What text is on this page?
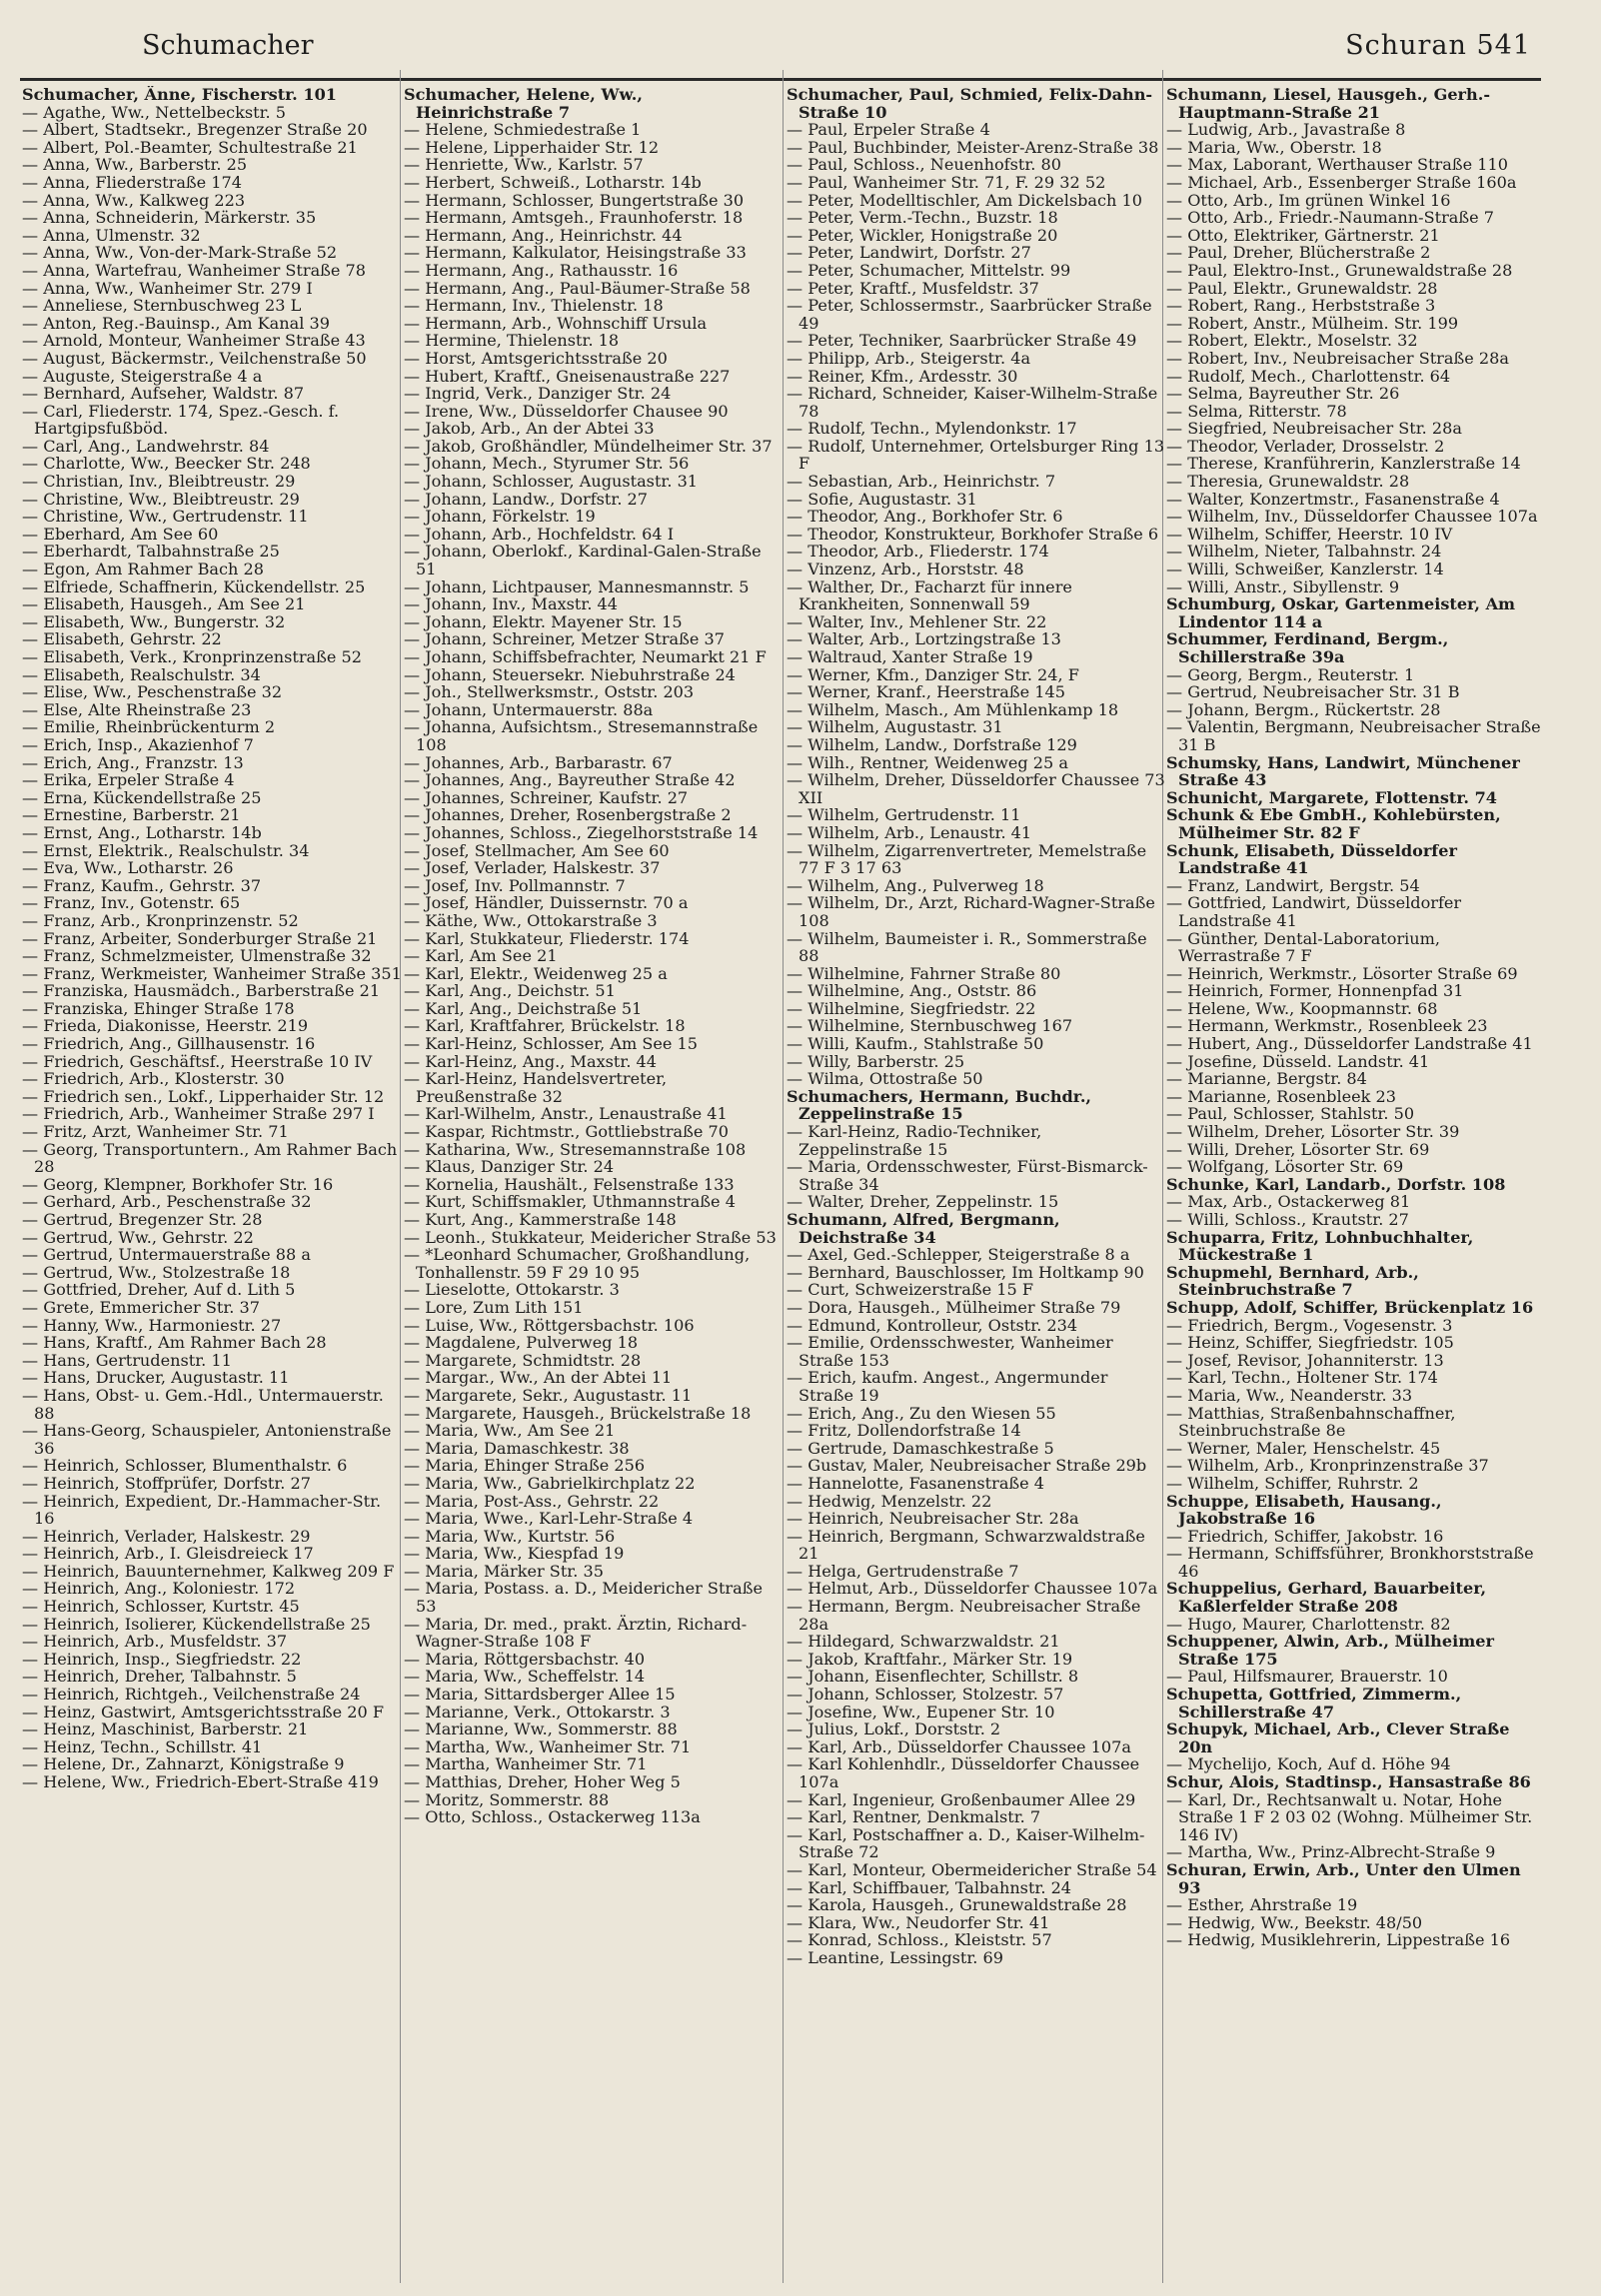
Schumacher	Schuran 541

Schumacher, Änne, Fischerstr. 101

— Agathe, Ww., Nettelbeckstr. 5

— Albert, Stadtsekr., Bregenzer Straße 20

— Albert, Pol.-Beamter, Schultestraße 21

— Anna, Ww., Barberstr. 25

— Anna, Fliederstraße 174

— Anna, Ww., Kalkweg 223

— Anna, Schneiderin, Märkerstr. 35

— Anna, Ulmenstr. 32

— Anna, Ww., Von-der-Mark-Straße 52

— Anna, Wartefrau, Wanheimer Straße 78

— Anna, Ww., Wanheimer Str. 279 I

— Anneliese, Sternbuschweg 23 L

— Anton, Reg.-Bauinsp., Am Kanal 39

— Arnold, Monteur, Wanheimer Straße 43

— August, Bäckermstr., Veilchenstraße 50

— Auguste, Steigerstraße 4 a

— Bernhard, Aufseher, Waldstr. 87

— Carl, Fliederstr. 174, Spez.-Gesch. f. Hartgipsfußböd.

— Carl, Ang., Landwehrstr. 84

— Charlotte, Ww., Beecker Str. 248

— Christian, Inv., Bleibtreustr. 29

— Christine, Ww., Bleibtreustr. 29

— Christine, Ww., Gertrudenstr. 11

— Eberhard, Am See 60

— Eberhardt, Talbahnstraße 25

— Egon, Am Rahmer Bach 28

— Elfriede, Schaffnerin, Kückendellstr. 25

— Elisabeth, Hausgeh., Am See 21

— Elisabeth, Ww., Bungerstr. 32

— Elisabeth, Gehrstr. 22

— Elisabeth, Verk., Kronprinzenstraße 52

— Elisabeth, Realschulstr. 34

— Elise, Ww., Peschenstraße 32

— Else, Alte Rheinstraße 23

— Emilie, Rheinbrückenturm 2

— Erich, Insp., Akazienhof 7

— Erich, Ang., Franzstr. 13

— Erika, Erpeler Straße 4

— Erna, Kückendellstraße 25

— Ernestine, Barberstr. 21

— Ernst, Ang., Lotharstr. 14b

— Ernst, Elektrik., Realschulstr. 34

— Eva, Ww., Lotharstr. 26

— Franz, Kaufm., Gehrstr. 37

— Franz, Inv., Gotenstr. 65

— Franz, Arb., Kronprinzenstr. 52

— Franz, Arbeiter, Sonderburger Straße 21

— Franz, Schmelzmeister, Ulmenstraße 32

— Franz, Werkmeister, Wanheimer Straße 351

— Franziska, Hausmädch., Barberstraße 21

— Franziska, Ehinger Straße 178

— Frieda, Diakonisse, Heerstr. 219

— Friedrich, Ang., Gillhausenstr. 16

— Friedrich, Geschäftsf., Heerstraße 10 IV

— Friedrich, Arb., Klosterstr. 30

— Friedrich sen., Lokf., Lipperhaider Str. 12

— Friedrich, Arb., Wanheimer Straße 297 I

— Fritz, Arzt, Wanheimer Str. 71

— Georg, Transportuntern., Am Rahmer Bach 28

— Georg, Klempner, Borkhofer Str. 16

— Gerhard, Arb., Peschenstraße 32

— Gertrud, Bregenzer Str. 28

— Gertrud, Ww., Gehrstr. 22

— Gertrud, Untermauerstraße 88 a

— Gertrud, Ww., Stolzestraße 18

— Gottfried, Dreher, Auf d. Lith 5

— Grete, Emmericher Str. 37

— Hanny, Ww., Harmoniestr. 27

— Hans, Kraftf., Am Rahmer Bach 28

— Hans, Gertrudenstr. 11

— Hans, Drucker, Augustastr. 11

— Hans, Obst- u. Gem.-Hdl., Untermauerstr. 88

— Hans-Georg, Schauspieler, Antonienstraße 36

— Heinrich, Schlosser, Blumenthalstr. 6

— Heinrich, Stoffprüfer, Dorfstr. 27

— Heinrich, Expedient, Dr.-Hammacher-Str. 16

— Heinrich, Verlader, Halskestr. 29

— Heinrich, Arb., I. Gleisdreieck 17

— Heinrich, Bauunternehmer, Kalkweg 209 F

— Heinrich, Ang., Koloniestr. 172

— Heinrich, Schlosser, Kurtstr. 45

— Heinrich, Isolierer, Kückendellstraße 25

— Heinrich, Arb., Musfeldstr. 37

— Heinrich, Insp., Siegfriedstr. 22

— Heinrich, Dreher, Talbahnstr. 5

— Heinrich, Richtgeh., Veilchenstraße 24

— Heinz, Gastwirt, Amtsgerichtsstraße 20 F

— Heinz, Maschinist, Barberstr. 21

— Heinz, Techn., Schillstr. 41

— Helene, Dr., Zahnarzt, Königstraße 9

— Helene, Ww., Friedrich-Ebert-Straße 419

Schumacher, Helene, Ww., Heinrichstraße 7

— Helene, Schmiedestraße 1

— Helene, Lipperhaider Str. 12

— Henriette, Ww., Karlstr. 57

— Herbert, Schweiß., Lotharstr. 14b

— Hermann, Schlosser, Bungertstraße 30

— Hermann, Amtsgeh., Fraunhoferstr. 18

— Hermann, Ang., Heinrichstr. 44

— Hermann, Kalkulator, Heisingstraße 33

— Hermann, Ang., Rathausstr. 16

— Hermann, Ang., Paul-Bäumer-Straße 58

— Hermann, Inv., Thielenstr. 18

— Hermann, Arb., Wohnschiff Ursula

— Hermine, Thielenstr. 18

— Horst, Amtsgerichtsstraße 20

— Hubert, Kraftf., Gneisenaustraße 227

— Ingrid, Verk., Danziger Str. 24

— Irene, Ww., Düsseldorfer Chausee 90

— Jakob, Arb., An der Abtei 33

— Jakob, Großhändler, Mündelheimer Str. 37

— Johann, Mech., Styrumer Str. 56

— Johann, Schlosser, Augustastr. 31

— Johann, Landw., Dorfstr. 27

— Johann, Förkelstr. 19

— Johann, Arb., Hochfeldstr. 64 I

— Johann, Oberlokf., Kardinal-Galen-Straße 51

— Johann, Lichtpauser, Mannesmannstr. 5

— Johann, Inv., Maxstr. 44

— Johann, Elektr. Mayener Str. 15

— Johann, Schreiner, Metzer Straße 37

— Johann, Schiffsbefrachter, Neumarkt 21 F

— Johann, Steuersekr. Niebuhrstraße 24

— Joh., Stellwerksmstr., Oststr. 203

— Johann, Untermauerstr. 88a

— Johanna, Aufsichtsm., Stresemannstraße 108

— Johannes, Arb., Barbarastr. 67

— Johannes, Ang., Bayreuther Straße 42

— Johannes, Schreiner, Kaufstr. 27

— Johannes, Dreher, Rosenbergstraße 2

— Johannes, Schloss., Ziegelhorststraße 14

— Josef, Stellmacher, Am See 60

— Josef, Verlader, Halskestr. 37

— Josef, Inv. Pollmannstr. 7

— Josef, Händler, Duissernstr. 70 a

— Käthe, Ww., Ottokarstraße 3

— Karl, Stukkateur, Fliederstr. 174

— Karl, Am See 21

— Karl, Elektr., Weidenweg 25 a

— Karl, Ang., Deichstr. 51

— Karl, Ang., Deichstraße 51

— Karl, Kraftfahrer, Brückelstr. 18

— Karl-Heinz, Schlosser, Am See 15

— Karl-Heinz, Ang., Maxstr. 44

— Karl-Heinz, Handelsvertreter, Preußenstraße 32

— Karl-Wilhelm, Anstr., Lenaustraße 41

— Kaspar, Richtmstr., Gottliebstraße 70

— Katharina, Ww., Stresemannstraße 108

— Klaus, Danziger Str. 24

— Kornelia, Haushält., Felsenstraße 133

— Kurt, Schiffsmakler, Uthmannstraße 4

— Kurt, Ang., Kammerstraße 148

— Leonh., Stukkateur, Meidericher Straße 53

— *Leonhard Schumacher, Großhandlung, Tonhallenstr. 59 F 29 10 95

— Lieselotte, Ottokarstr. 3

— Lore, Zum Lith 151

— Luise, Ww., Röttgersbachstr. 106

— Magdalene, Pulverweg 18

— Margarete, Schmidtstr. 28

— Margar., Ww., An der Abtei 11

— Margarete, Sekr., Augustastr. 11

— Margarete, Hausgeh., Brückelstraße 18

— Maria, Ww., Am See 21

— Maria, Damaschkestr. 38

— Maria, Ehinger Straße 256

— Maria, Ww., Gabrielkirchplatz 22

— Maria, Post-Ass., Gehrstr. 22

— Maria, Wwe., Karl-Lehr-Straße 4

— Maria, Ww., Kurtstr. 56

— Maria, Ww., Kiespfad 19

— Maria, Märker Str. 35

— Maria, Postass. a. D., Meidericher Straße 53

— Maria, Dr. med., prakt. Ärztin, Richard-Wagner-Straße 108 F

— Maria, Röttgersbachstr. 40

— Maria, Ww., Scheffelstr. 14

— Maria, Sittardsberger Allee 15

— Marianne, Verk., Ottokarstr. 3

— Marianne, Ww., Sommerstr. 88

— Martha, Ww., Wanheimer Str. 71

— Martha, Wanheimer Str. 71

— Matthias, Dreher, Hoher Weg 5

— Moritz, Sommerstr. 88

— Otto, Schloss., Ostackerweg 113a

Schumacher, Paul, Schmied, Felix-Dahn-Straße 10

— Paul, Erpeler Straße 4

— Paul, Buchbinder, Meister-Arenz-Straße 38

— Paul, Schloss., Neuenhofstr. 80

— Paul, Wanheimer Str. 71, F. 29 32 52

— Peter, Modelltischler, Am Dickelsbach 10

— Peter, Verm.-Techn., Buzstr. 18

— Peter, Wickler, Honigstraße 20

— Peter, Landwirt, Dorfstr. 27

— Peter, Schumacher, Mittelstr. 99

— Peter, Kraftf., Musfeldstr. 37

— Peter, Schlossermstr., Saarbrücker Straße 49

— Peter, Techniker, Saarbrücker Straße 49

— Philipp, Arb., Steigerstr. 4a

— Reiner, Kfm., Ardesstr. 30

— Richard, Schneider, Kaiser-Wilhelm-Straße 78

— Rudolf, Techn., Mylendonkstr. 17

— Rudolf, Unternehmer, Ortelsburger Ring 13 F

— Sebastian, Arb., Heinrichstr. 7

— Sofie, Augustastr. 31

— Theodor, Ang., Borkhofer Str. 6

— Theodor, Konstrukteur, Borkhofer Straße 6

— Theodor, Arb., Fliederstr. 174

— Vinzenz, Arb., Horststr. 48

— Walther, Dr., Facharzt für innere Krankheiten, Sonnenwall 59

— Walter, Inv., Mehlener Str. 22

— Walter, Arb., Lortzingstraße 13

— Waltraud, Xanter Straße 19

— Werner, Kfm., Danziger Str. 24, F

— Werner, Kranf., Heerstraße 145

— Wilhelm, Masch., Am Mühlenkamp 18

— Wilhelm, Augustastr. 31

— Wilhelm, Landw., Dorfstraße 129

— Wilh., Rentner, Weidenweg 25 a

— Wilhelm, Dreher, Düsseldorfer Chaussee 73 XII

— Wilhelm, Gertrudenstr. 11

— Wilhelm, Arb., Lenaustr. 41

— Wilhelm, Zigarrenvertreter, Memelstraße 77 F 3 17 63

— Wilhelm, Ang., Pulverweg 18

— Wilhelm, Dr., Arzt, Richard-Wagner-Straße 108

— Wilhelm, Baumeister i. R., Sommerstraße 88

— Wilhelmine, Fahrner Straße 80

— Wilhelmine, Ang., Oststr. 86

— Wilhelmine, Siegfriedstr. 22

— Wilhelmine, Sternbuschweg 167

— Willi, Kaufm., Stahlstraße 50

— Willy, Barberstr. 25

— Wilma, Ottostraße 50

Schumachers, Hermann, Buchdr., Zeppelinstraße 15

— Karl-Heinz, Radio-Techniker, Zeppelinstraße 15

— Maria, Ordensschwester, Fürst-Bismarck-Straße 34

— Walter, Dreher, Zeppelinstr. 15

Schumann, Alfred, Bergmann, Deichstraße 34

— Axel, Ged.-Schlepper, Steigerstraße 8 a

— Bernhard, Bauschlosser, Im Holtkamp 90

— Curt, Schweizerstraße 15 F

— Dora, Hausgeh., Mülheimer Straße 79

— Edmund, Kontrolleur, Oststr. 234

— Emilie, Ordensschwester, Wanheimer Straße 153

— Erich, kaufm. Angest., Angermunder Straße 19

— Erich, Ang., Zu den Wiesen 55

— Fritz, Dollendorfstraße 14

— Gertrude, Damaschkestraße 5

— Gustav, Maler, Neubreisacher Straße 29b

— Hannelotte, Fasanenstraße 4

— Hedwig, Menzelstr. 22

— Heinrich, Neubreisacher Str. 28a

— Heinrich, Bergmann, Schwarzwaldstraße 21

— Helga, Gertrudenstraße 7

— Helmut, Arb., Düsseldorfer Chaussee 107a

— Hermann, Bergm. Neubreisacher Straße 28a

— Hildegard, Schwarzwaldstr. 21

— Jakob, Kraftfahr., Märker Str. 19

— Johann, Eisenflechter, Schillstr. 8

— Johann, Schlosser, Stolzestr. 57

— Josefine, Ww., Eupener Str. 10

— Julius, Lokf., Dorststr. 2

— Karl, Arb., Düsseldorfer Chaussee 107a

— Karl Kohlenhdlr., Düsseldorfer Chaussee 107a

— Karl, Ingenieur, Großenbaumer Allee 29

— Karl, Rentner, Denkmalstr. 7

— Karl, Postschaffner a. D., Kaiser-Wilhelm-Straße 72

— Karl, Monteur, Obermeidericher Straße 54

— Karl, Schiffbauer, Talbahnstr. 24

— Karola, Hausgeh., Grunewaldstraße 28

— Klara, Ww., Neudorfer Str. 41

— Konrad, Schloss., Kleiststr. 57

— Leantine, Lessingstr. 69

Schumann, Liesel, Hausgeh., Gerh.-Hauptmann-Straße 21

— Ludwig, Arb., Javastraße 8

— Maria, Ww., Oberstr. 18

— Max, Laborant, Werthauser Straße 110

— Michael, Arb., Essenberger Straße 160a

— Otto, Arb., Im grünen Winkel 16

— Otto, Arb., Friedr.-Naumann-Straße 7

— Otto, Elektriker, Gärtnerstr. 21

— Paul, Dreher, Blücherstraße 2

— Paul, Elektro-Inst., Grunewaldstraße 28

— Paul, Elektr., Grunewaldstr. 28

— Robert, Rang., Herbststraße 3

— Robert, Anstr., Mülheim. Str. 199

— Robert, Elektr., Moselstr. 32

— Robert, Inv., Neubreisacher Straße 28a

— Rudolf, Mech., Charlottenstr. 64

— Selma, Bayreuther Str. 26

— Selma, Ritterstr. 78

— Siegfried, Neubreisacher Str. 28a

— Theodor, Verlader, Drosselstr. 2

— Therese, Kranführerin, Kanzlerstraße 14

— Theresia, Grunewaldstr. 28

— Walter, Konzertmstr., Fasanenstraße 4

— Wilhelm, Inv., Düsseldorfer Chaussee 107a

— Wilhelm, Schiffer, Heerstr. 10 IV

— Wilhelm, Nieter, Talbahnstr. 24

— Willi, Schweißer, Kanzlerstr. 14

— Willi, Anstr., Sibyllenstr. 9

Schumburg, Oskar, Gartenmeister, Am Lindentor 114 a

Schummer, Ferdinand, Bergm., Schillerstraße 39a

— Georg, Bergm., Reuterstr. 1

— Gertrud, Neubreisacher Str. 31 B

— Johann, Bergm., Rückertstr. 28

— Valentin, Bergmann, Neubreisacher Straße 31 B

Schumsky, Hans, Landwirt, Münchener Straße 43

Schunicht, Margarete, Flottenstr. 74

Schunk & Ebe GmbH., Kohlebürsten, Mülheimer Str. 82 F

Schunk, Elisabeth, Düsseldorfer Landstraße 41

— Franz, Landwirt, Bergstr. 54

— Gottfried, Landwirt, Düsseldorfer Landstraße 41

— Günther, Dental-Laboratorium, Werrastraße 7 F

— Heinrich, Werkmstr., Lösorter Straße 69

— Heinrich, Former, Honnenpfad 31

— Helene, Ww., Koopmannstr. 68

— Hermann, Werkmstr., Rosenbleek 23

— Hubert, Ang., Düsseldorfer Landstraße 41

— Josefine, Düsseld. Landstr. 41

— Marianne, Bergstr. 84

— Marianne, Rosenbleek 23

— Paul, Schlosser, Stahlstr. 50

— Wilhelm, Dreher, Lösorter Str. 39

— Willi, Dreher, Lösorter Str. 69

— Wolfgang, Lösorter Str. 69

Schunke, Karl, Landarb., Dorfstr. 108

— Max, Arb., Ostackerweg 81

— Willi, Schloss., Krautstr. 27

Schuparra, Fritz, Lohnbuchhalter, Mückestraße 1

Schupmehl, Bernhard, Arb., Steinbruchstraße 7

Schupp, Adolf, Schiffer, Brückenplatz 16

— Friedrich, Bergm., Vogesenstr. 3

— Heinz, Schiffer, Siegfriedstr. 105

— Josef, Revisor, Johanniterstr. 13

— Karl, Techn., Holtener Str. 174

— Maria, Ww., Neanderstr. 33

— Matthias, Straßenbahnschaffner, Steinbruchstraße 8e

— Werner, Maler, Henschelstr. 45

— Wilhelm, Arb., Kronprinzenstraße 37

— Wilhelm, Schiffer, Ruhrstr. 2

Schuppe, Elisabeth, Hausang., Jakobstraße 16

— Friedrich, Schiffer, Jakobstr. 16

— Hermann, Schiffsführer, Bronkhorststraße 46

Schuppelius, Gerhard, Bauarbeiter, Kaßlerfelder Straße 208

— Hugo, Maurer, Charlottenstr. 82

Schuppener, Alwin, Arb., Mülheimer Straße 175

— Paul, Hilfsmaurer, Brauerstr. 10

Schupetta, Gottfried, Zimmerm., Schillerstraße 47

Schupyk, Michael, Arb., Clever Straße 20n

— Mychelijo, Koch, Auf d. Höhe 94

Schur, Alois, Stadtinsp., Hansastraße 86

— Karl, Dr., Rechtsanwalt u. Notar, Hohe Straße 1 F 2 03 02 (Wohng. Mülheimer Str. 146 IV)

— Martha, Ww., Prinz-Albrecht-Straße 9

Schuran, Erwin, Arb., Unter den Ulmen 93

— Esther, Ahrstraße 19

— Hedwig, Ww., Beekstr. 48/50

— Hedwig, Musiklehrerin, Lippestraße 16
